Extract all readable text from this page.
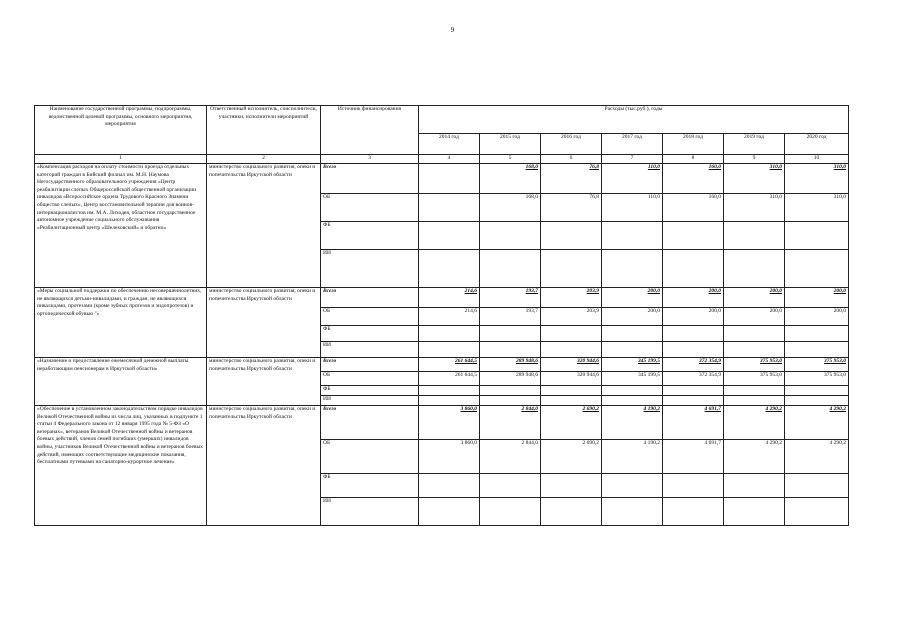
9
Наименование государственной программы, подпрограммы, ведомственной целевой программы, основного мероприятия, мероприятия	Ответственный исполнитель, соисполнители, участники, исполнители мероприятий	Источник финансирования	Расходы (тыс.руб.), годы						
			2014 год	2015 год	2016 год	2017 год	2018 год	2019 год	2020 год
1	2	3	4	5	6	7	8	9	10
«Компенсация расходов на оплату стоимости проезда отдельных категорий граждан в Бийский филиал им. М.Н. Наумова Негосударственного образовательного учреждения «Центр реабилитации слепых Общероссийской общественной организации инвалидов «Всероссийское ордена Трудового Красного Знамени общество слепых», Центр восстановительной терапии для воинов-интернационалистов им. М.А. Лиходея, областное государственное автономное учреждение социального обслуживания «Реабилитационный центр «Шелеховский» и обратно»	министерство социального развития, опеки и попечительства Иркутской области	Всего		168,0	76,8	110,0	160,0	310,0	310,0
		ОБ		168,0	76,8	110,0	160,0	310,0	310,0
		ФБ							
		ИИ							
«Меры социальной поддержки по обеспечению несовершеннолетних, не являющихся детьми-инвалидами, и граждан, не являющихся инвалидами, протезами (кроме зубных протезов и эндопротезов) и ортопедической обувью "»	министерство социального развития, опеки и попечительства Иркутской области	Всего	214,6	193,7	203,9	200,0	200,0	200,0	200,0
		ОБ	214,6	193,7	203,9	200,0	200,0	200,0	200,0
		ФБ							
		ИИ							
«Назначение и предоставление ежемесячной денежной выплаты неработающим пенсионерам в Иркутской области»	министерство социального развития, опеки и попечительства Иркутской области	Всего	261 644,5	289 948,6	320 944,6	345 199,5	372 354,9	375 953,0	375 953,0
		ОБ	261 644,5	289 948,6	320 944,6	345 199,5	372 354,9	375 953,0	375 953,0
		ФБ							
		ИИ							
«Обеспечение в установленном законодательством порядке инвалидов Великой Отечественной войны из числа лиц, указанных в подпункте 1 статьи 4 Федерального закона от 12 января 1995 года № 5-ФЗ «О ветеранах», ветеранов Великой Отечественной войны и ветеранов боевых действий, членов семей погибших (умерших) инвалидов войны, участников Великой Отечественной войны и ветеранов боевых действий, имеющих соответствующие медицинские показания, бесплатными путевками на санаторно-курортное лечение»	министерство социального развития, опеки и попечительства Иркутской области	Всего	3 860,0	2 844,0	2 690,2	4 190,2	4 691,7	4 290,2	4 290,2
		ОБ	3 860,0	2 844,0	2 690,2	4 190,2	4 691,7	4 290,2	4 290,2
		ФБ							
		ИИ							
